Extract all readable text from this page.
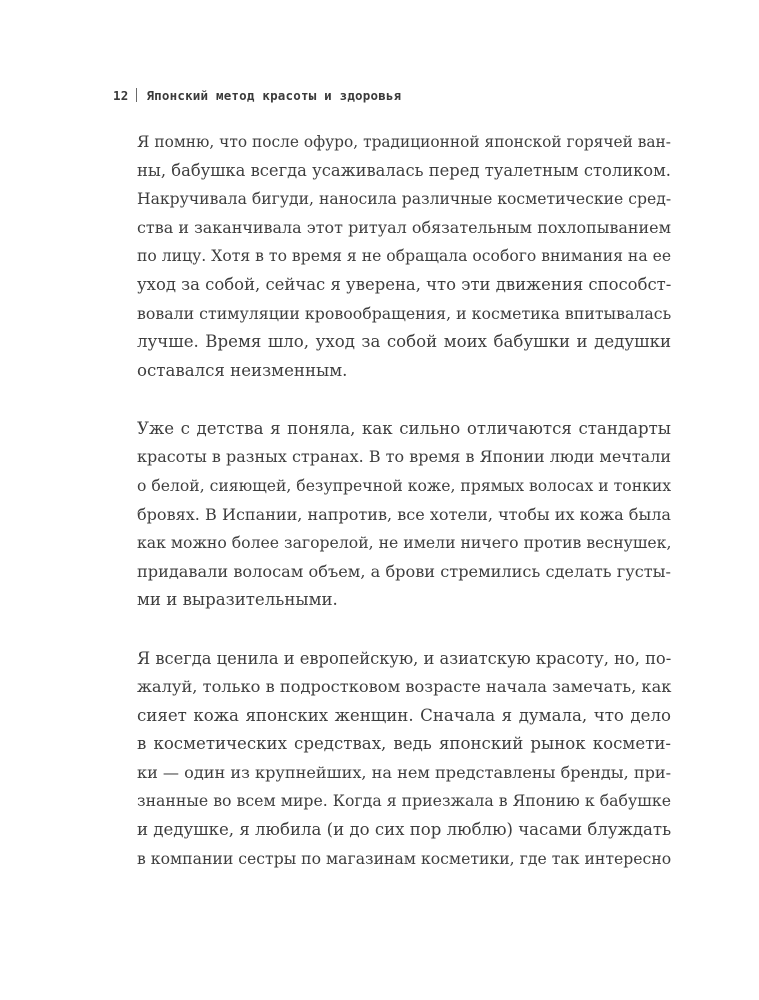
12 Японский метод красоты и здоровья
Я помню, что после офуро, традиционной японской горячей ван-
ны, бабушка всегда усаживалась перед туалетным столиком.
Накручивала бигуди, наносила различные косметические сред-
ства и заканчивала этот ритуал обязательным похлопыванием
по лицу. Хотя в то время я не обращала особого внимания на ее
уход за собой, сейчас я уверена, что эти движения способст-
вовали стимуляции кровообращения, и косметика впитывалась
лучше. Время шло, уход за собой моих бабушки и дедушки
оставался неизменным.
Уже с детства я поняла, как сильно отличаются стандарты
красоты в разных странах. В то время в Японии люди мечтали
о белой, сияющей, безупречной коже, прямых волосах и тонких
бровях. В Испании, напротив, все хотели, чтобы их кожа была
как можно более загорелой, не имели ничего против веснушек,
придавали волосам объем, а брови стремились сделать густы-
ми и выразительными.
Я всегда ценила и европейскую, и азиатскую красоту, но, по-
жалуй, только в подростковом возрасте начала замечать, как
сияет кожа японских женщин. Сначала я думала, что дело
в косметических средствах, ведь японский рынок космети-
ки — один из крупнейших, на нем представлены бренды, при-
знанные во всем мире. Когда я приезжала в Японию к бабушке
и дедушке, я любила (и до сих пор люблю) часами блуждать
в компании сестры по магазинам косметики, где так интересно
